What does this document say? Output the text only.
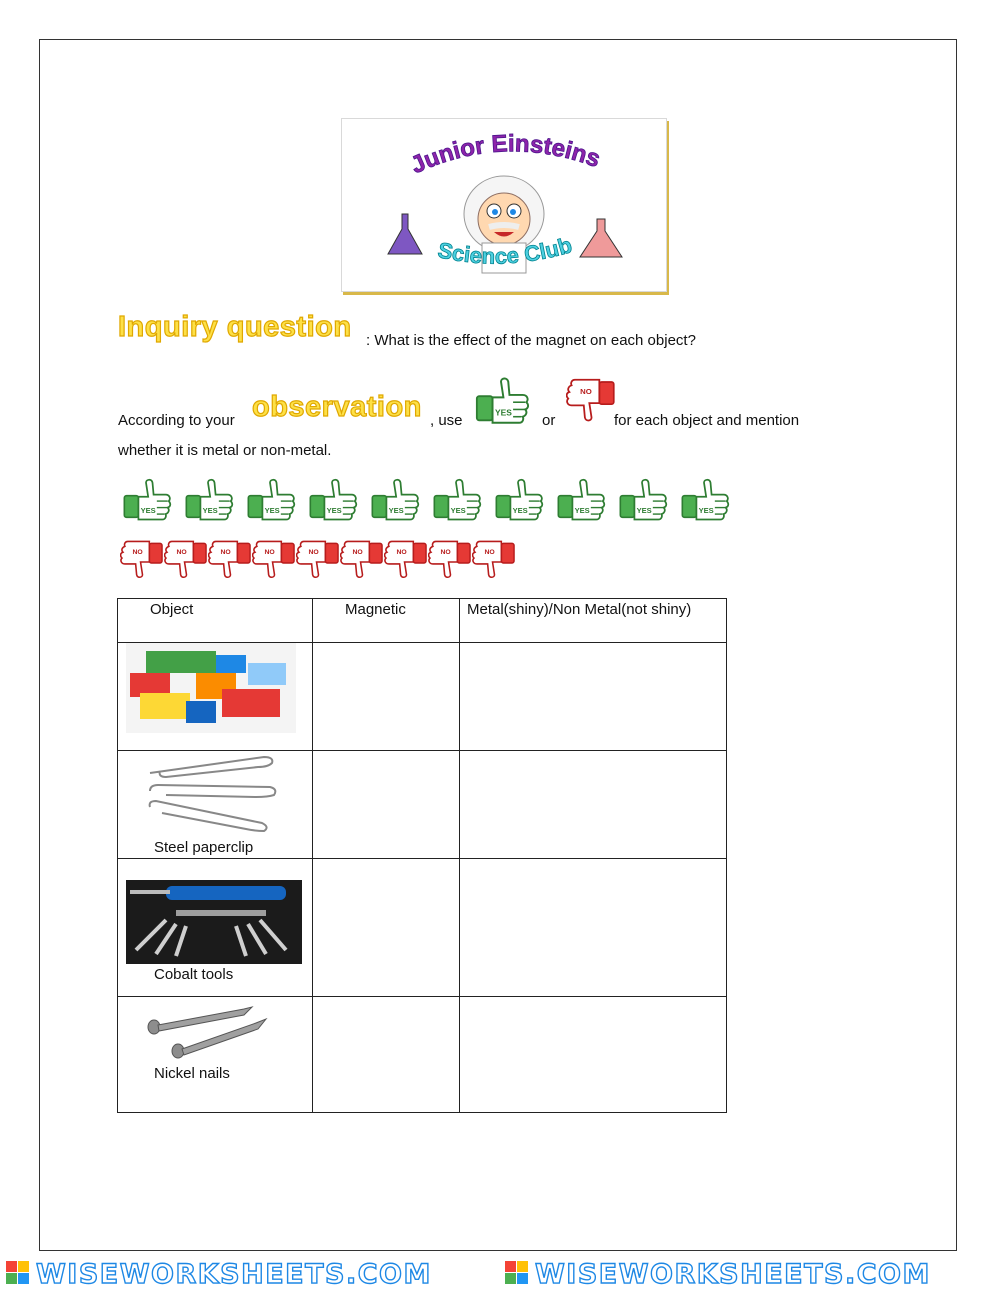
Junior Einsteins
Science Club
Inquiry question : What is the effect of the magnet on each object?
According to your observation , use	or	for each object and mention
whether it is metal or non-metal.
Object	Magnetic	Metal(shiny)/Non Metal(not shiny)

Steel paperclip		

Cobalt tools		

Nickel nails		

WISEWORKSHEETS.COM	WISEWORKSHEETS.COM
